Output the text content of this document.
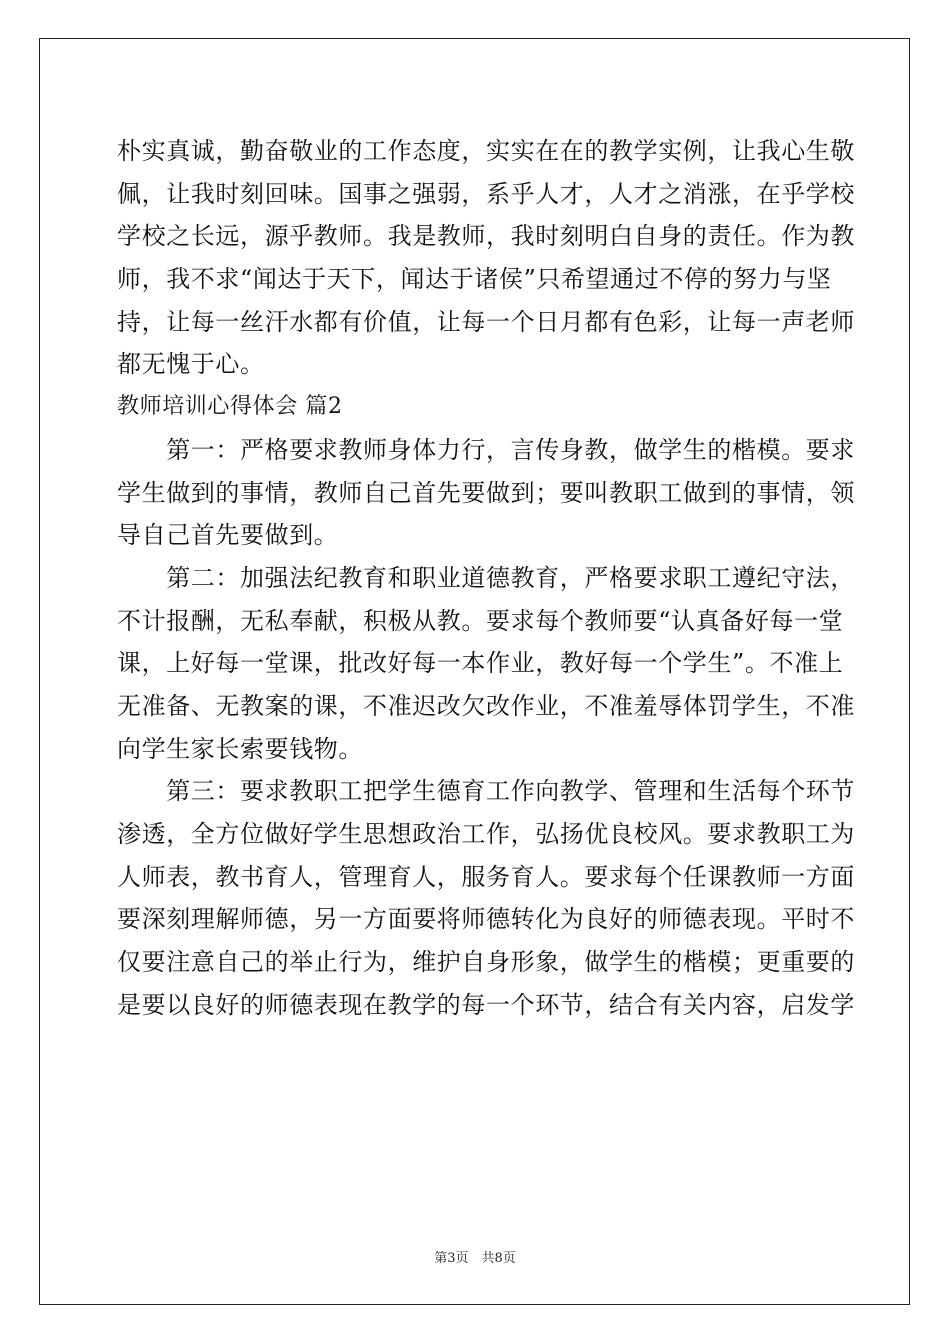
朴实真诚，勤奋敬业的工作态度，实实在在的教学实例，让我心生敬
佩，让我时刻回味。国事之强弱，系乎人才，人才之消涨，在乎学校
学校之长远，源乎教师。我是教师，我时刻明白自身的责任。作为教
师，我不求“闻达于天下，闻达于诸侯”只希望通过不停的努力与坚
持，让每一丝汗水都有价值，让每一个日月都有色彩，让每一声老师
都无愧于心。
教师培训心得体会 篇2
　　第一：严格要求教师身体力行，言传身教，做学生的楷模。要求
学生做到的事情，教师自己首先要做到；要叫教职工做到的事情，领
导自己首先要做到。
　　第二：加强法纪教育和职业道德教育，严格要求职工遵纪守法，
不计报酬，无私奉献，积极从教。要求每个教师要“认真备好每一堂
课，上好每一堂课，批改好每一本作业，教好每一个学生”。不准上
无准备、无教案的课，不准迟改欠改作业，不准羞辱体罚学生，不准
向学生家长索要钱物。
　　第三：要求教职工把学生德育工作向教学、管理和生活每个环节
渗透，全方位做好学生思想政治工作，弘扬优良校风。要求教职工为
人师表，教书育人，管理育人，服务育人。要求每个任课教师一方面
要深刻理解师德，另一方面要将师德转化为良好的师德表现。平时不
仅要注意自己的举止行为，维护自身形象，做学生的楷模；更重要的
是要以良好的师德表现在教学的每一个环节，结合有关内容，启发学
第3页　共8页
